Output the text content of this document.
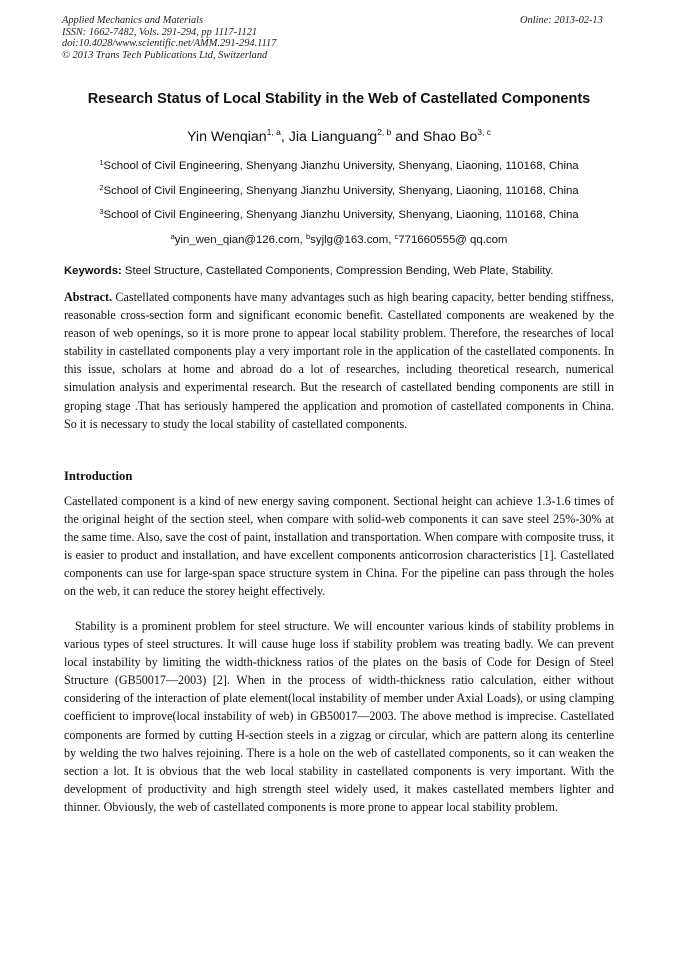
Applied Mechanics and Materials
ISSN: 1662-7482, Vols. 291-294, pp 1117-1121
doi:10.4028/www.scientific.net/AMM.291-294.1117
© 2013 Trans Tech Publications Ltd, Switzerland
Online: 2013-02-13
Research Status of Local Stability in the Web of Castellated Components
Yin Wenqian$^{1, a}$, Jia Lianguang$^{2, b}$ and Shao Bo$^{3, c}$
$^1$School of Civil Engineering, Shenyang Jianzhu University, Shenyang, Liaoning, 110168, China
$^2$School of Civil Engineering, Shenyang Jianzhu University, Shenyang, Liaoning, 110168, China
$^3$School of Civil Engineering, Shenyang Jianzhu University, Shenyang, Liaoning, 110168, China
$^a$yin_wen_qian@126.com, $^b$syjlg@163.com, $^c$771660555@ qq.com
Keywords: Steel Structure, Castellated Components, Compression Bending, Web Plate, Stability.
Abstract. Castellated components have many advantages such as high bearing capacity, better bending stiffness, reasonable cross-section form and significant economic benefit. Castellated components are weakened by the reason of web openings, so it is more prone to appear local stability problem. Therefore, the researches of local stability in castellated components play a very important role in the application of the castellated components. In this issue, scholars at home and abroad do a lot of researches, including theoretical research, numerical simulation analysis and experimental research. But the research of castellated bending components are still in groping stage .That has seriously hampered the application and promotion of castellated components in China. So it is necessary to study the local stability of castellated components.
Introduction
Castellated component is a kind of new energy saving component. Sectional height can achieve 1.3-1.6 times of the original height of the section steel, when compare with solid-web components it can save steel 25%-30% at the same time. Also, save the cost of paint, installation and transportation. When compare with composite truss, it is easier to product and installation, and have excellent components anticorrosion characteristics [1]. Castellated components can use for large-span space structure system in China. For the pipeline can pass through the holes on the web, it can reduce the storey height effectively.
Stability is a prominent problem for steel structure. We will encounter various kinds of stability problems in various types of steel structures. It will cause huge loss if stability problem was treating badly. We can prevent local instability by limiting the width-thickness ratios of the plates on the basis of Code for Design of Steel Structure (GB50017—2003) [2]. When in the process of width-thickness ratio calculation, either without considering of the interaction of plate element(local instability of member under Axial Loads), or using clamping coefficient to improve(local instability of web) in GB50017—2003. The above method is imprecise. Castellated components are formed by cutting H-section steels in a zigzag or circular, which are pattern along its centerline by welding the two halves rejoining. There is a hole on the web of castellated components, so it can weaken the section a lot. It is obvious that the web local stability in castellated components is very important. With the development of productivity and high strength steel widely used, it makes castellated members lighter and thinner. Obviously, the web of castellated components is more prone to appear local stability problem.
